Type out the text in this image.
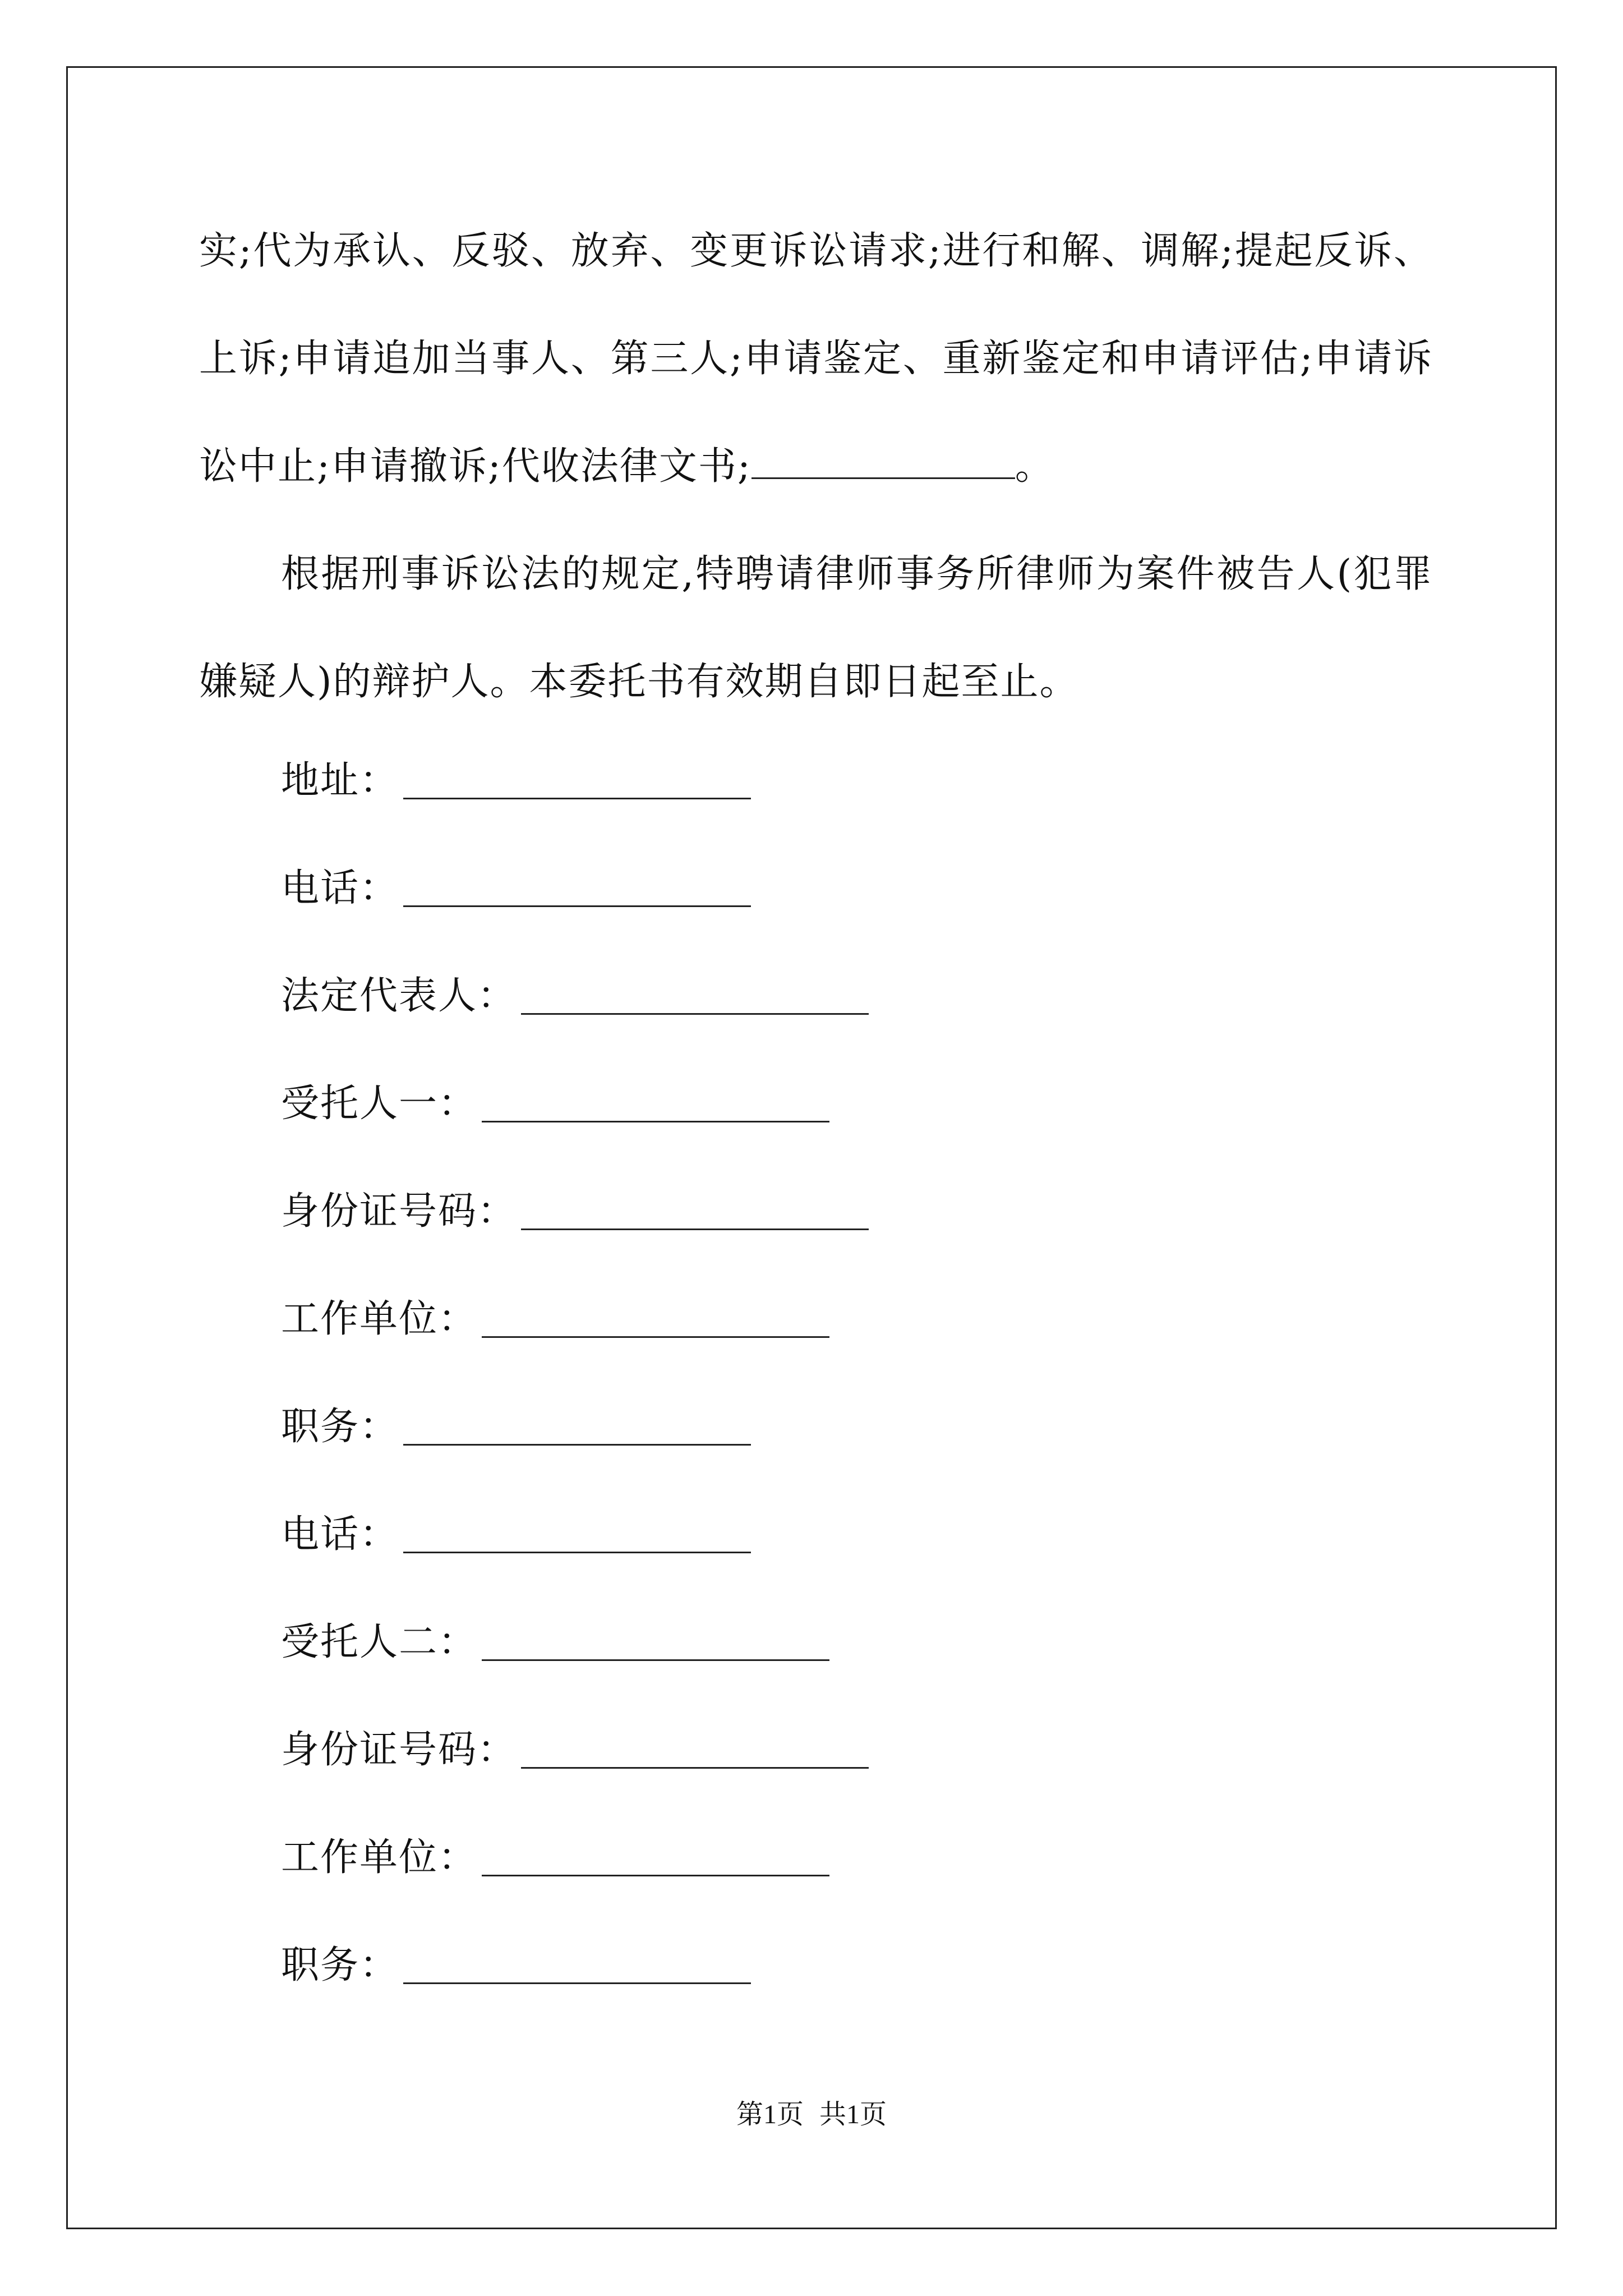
实;代为承认、反驳、放弃、变更诉讼请求;进行和解、调解;提起反诉、上诉;申请追加当事人、第三人;申请鉴定、重新鉴定和申请评估;申请诉讼中止;申请撤诉;代收法律文书;	。

根据刑事诉讼法的规定,特聘请律师事务所律师为案件被告人(犯罪嫌疑人)的辩护人。本委托书有效期自即日起至止。

地址：
电话：
法定代表人：
受托人一：
身份证号码：
工作单位：
职务：
电话：
受托人二：
身份证号码：
工作单位：
职务：
第1页 共1页
